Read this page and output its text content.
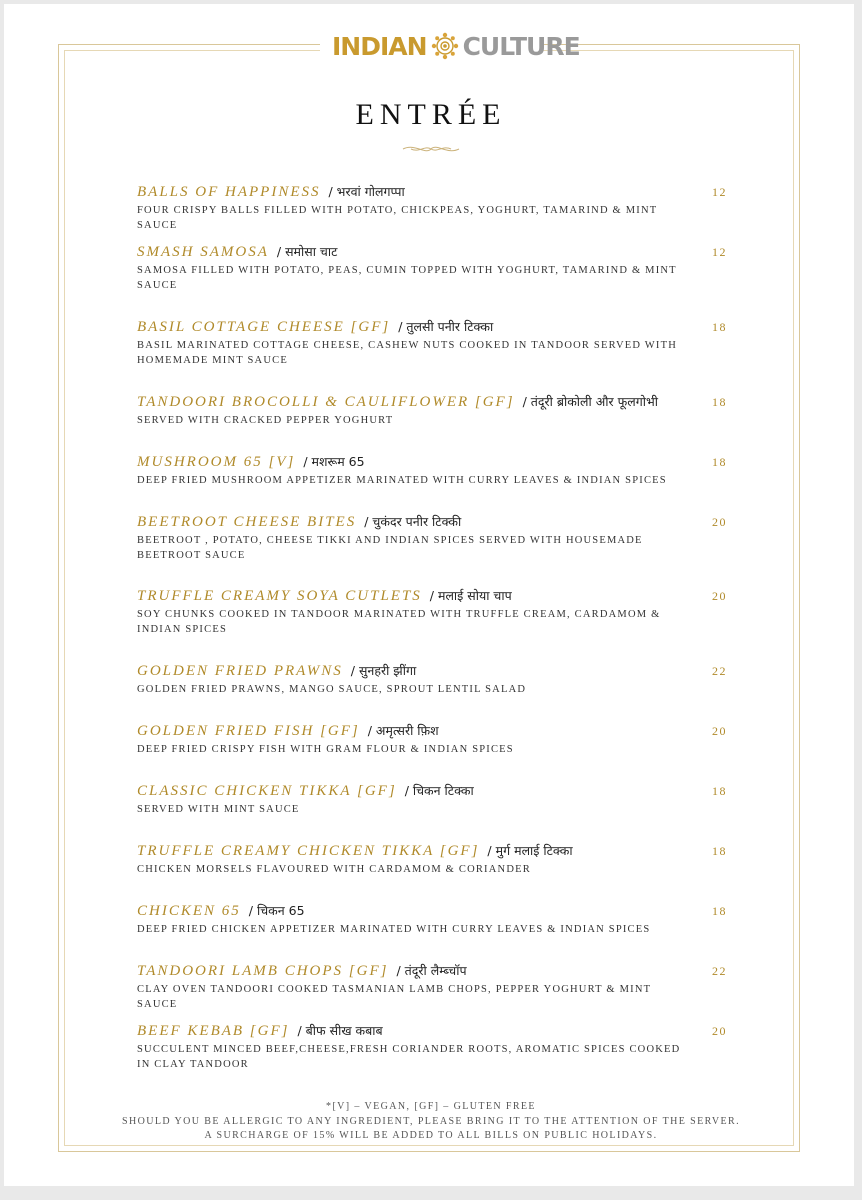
INDIAN CULTURE
ENTRÉE
BALLS OF HAPPINESS / भरवां गोलगप्पा	12
FOUR CRISPY BALLS FILLED WITH POTATO, CHICKPEAS, YOGHURT, TAMARIND & MINT SAUCE
SMASH SAMOSA / समोसा चाट	12
SAMOSA FILLED WITH POTATO, PEAS, CUMIN TOPPED WITH YOGHURT, TAMARIND & MINT SAUCE
BASIL COTTAGE CHEESE [GF] / तुलसी पनीर टिक्का	18
BASIL MARINATED COTTAGE CHEESE, CASHEW NUTS COOKED IN TANDOOR SERVED WITH HOMEMADE MINT SAUCE
TANDOORI BROCOLLI & CAULIFLOWER [GF] / तंदूरी ब्रोकोली और फूलगोभी	18
SERVED WITH CRACKED PEPPER YOGHURT
MUSHROOM 65 [V] / मशरूम 65	18
DEEP FRIED MUSHROOM APPETIZER MARINATED WITH CURRY LEAVES & INDIAN SPICES
BEETROOT CHEESE BITES / चुकंदर पनीर टिक्की	20
BEETROOT , POTATO, CHEESE TIKKI AND INDIAN SPICES SERVED WITH HOUSEMADE BEETROOT SAUCE
TRUFFLE CREAMY SOYA CUTLETS / मलाई सोया चाप	20
SOY CHUNKS COOKED IN TANDOOR MARINATED WITH TRUFFLE CREAM, CARDAMOM & INDIAN SPICES
GOLDEN FRIED PRAWNS / सुनहरी झींगा	22
GOLDEN FRIED PRAWNS, MANGO SAUCE, SPROUT LENTIL SALAD
GOLDEN FRIED FISH [GF] / अमृत्सरी फ़िश	20
DEEP FRIED CRISPY FISH WITH GRAM FLOUR & INDIAN SPICES
CLASSIC CHICKEN TIKKA [GF] / चिकन टिक्का	18
SERVED WITH MINT SAUCE
TRUFFLE CREAMY CHICKEN TIKKA [GF] / मुर्ग मलाई टिक्का	18
CHICKEN MORSELS FLAVOURED WITH CARDAMOM & CORIANDER
CHICKEN 65 / चिकन 65	18
DEEP FRIED CHICKEN APPETIZER MARINATED WITH CURRY LEAVES & INDIAN SPICES
TANDOORI LAMB CHOPS [GF] / तंदूरी लैम्ब्चॉप	22
CLAY OVEN TANDOORI COOKED TASMANIAN LAMB CHOPS, PEPPER YOGHURT & MINT SAUCE
BEEF KEBAB [GF] / बीफ सीख कबाब	20
SUCCULENT MINCED BEEF,CHEESE,FRESH CORIANDER ROOTS, AROMATIC SPICES COOKED IN CLAY TANDOOR
*[V] – VEGAN, [GF] – GLUTEN FREE
SHOULD YOU BE ALLERGIC TO ANY INGREDIENT, PLEASE BRING IT TO THE ATTENTION OF THE SERVER.
A SURCHARGE OF 15% WILL BE ADDED TO ALL BILLS ON PUBLIC HOLIDAYS.
